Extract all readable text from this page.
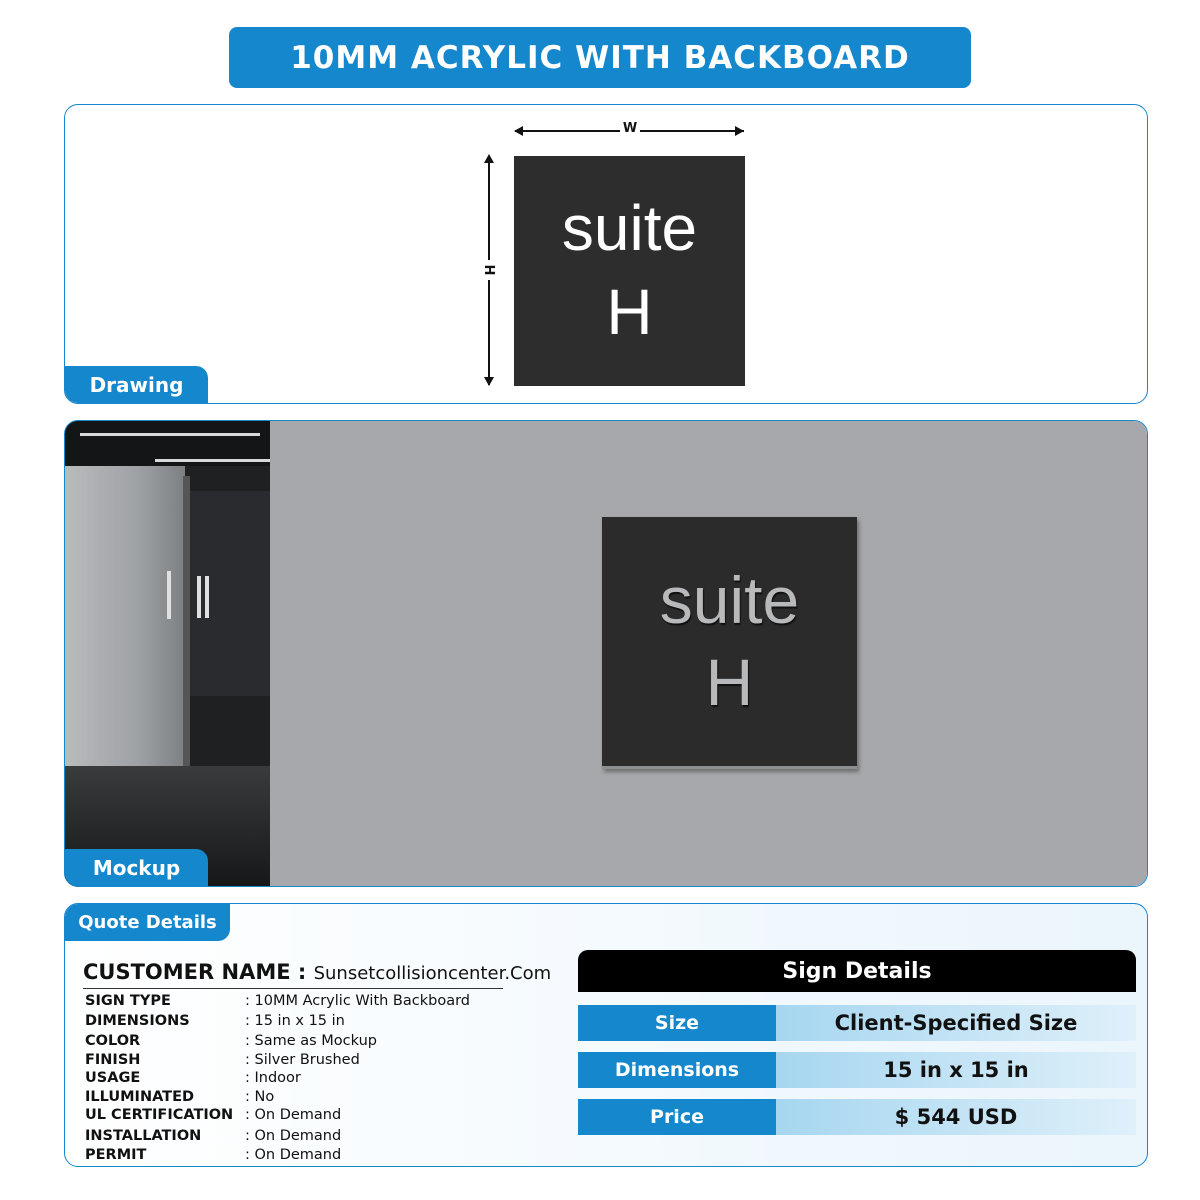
10MM ACRYLIC WITH BACKBOARD
Drawing
W
H
suite
H
suite
H
Mockup
Quote Details
CUSTOMER NAME : Sunsetcollisioncenter.Com
SIGN TYPE	: 10MM Acrylic With Backboard
DIMENSIONS	: 15 in x 15 in
COLOR	: Same as Mockup
FINISH	: Silver Brushed
USAGE	: Indoor
ILLUMINATED	: No
UL CERTIFICATION : On Demand
INSTALLATION	: On Demand
PERMIT	: On Demand
Sign Details
Size	Client-Specified Size
Dimensions	15 in x 15 in
Price	$ 544 USD
